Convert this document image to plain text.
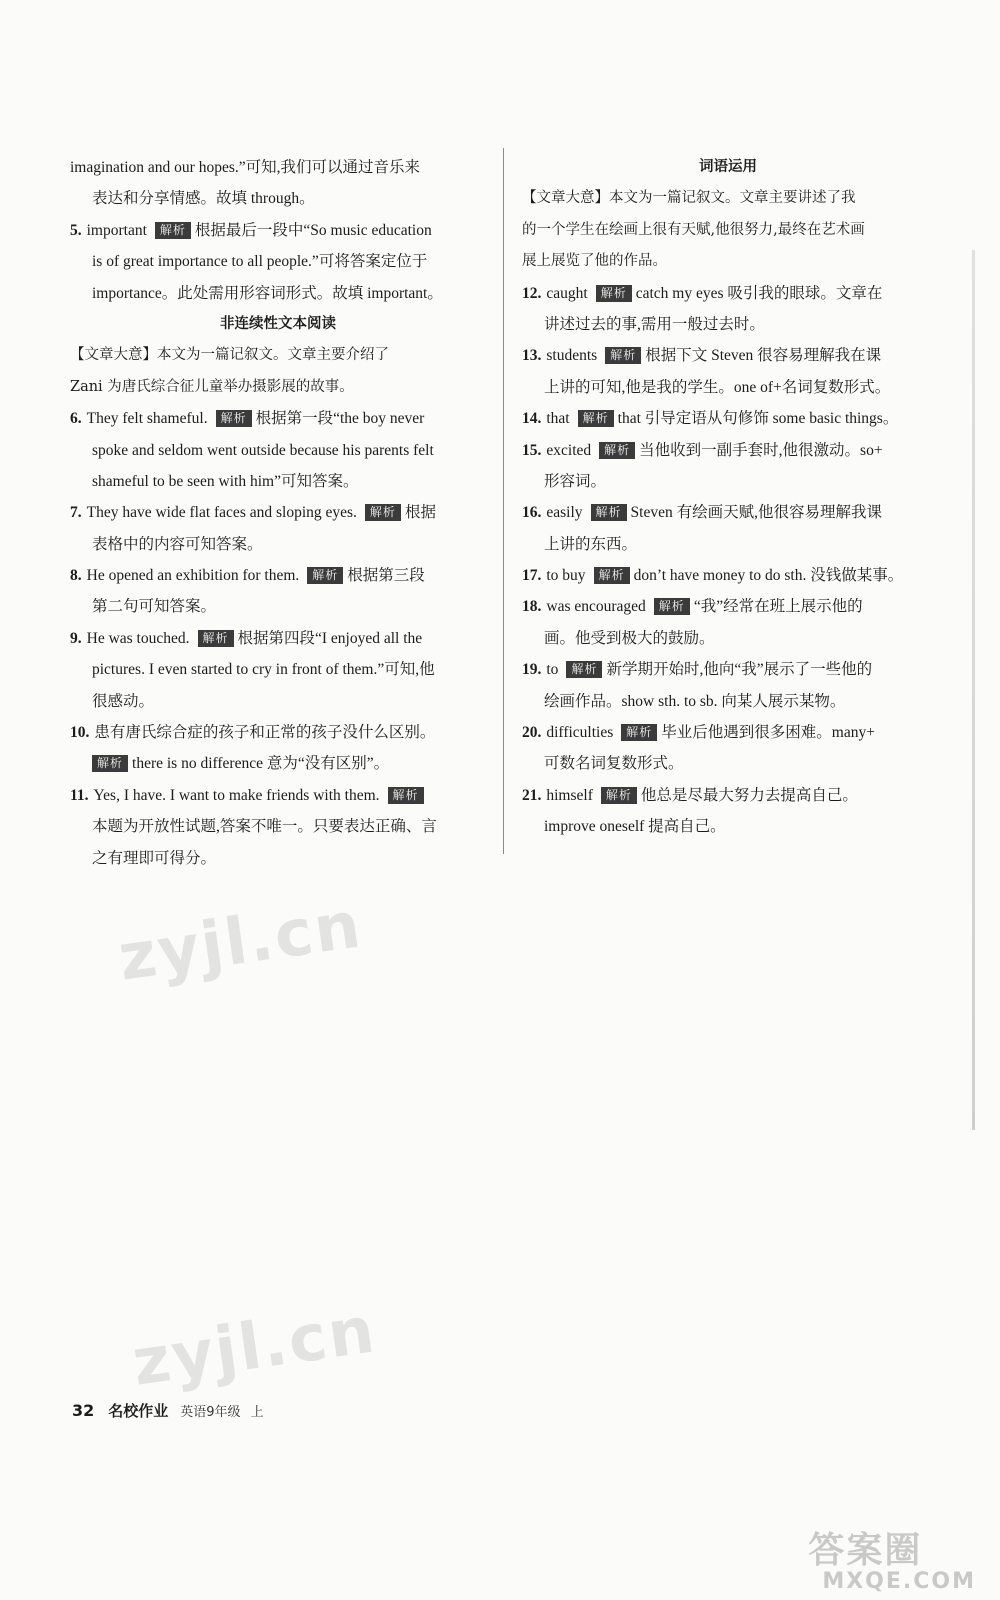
imagination and our hopes.”可知,我们可以通过音乐来
表达和分享情感。故填 through。
5. important 解析 根据最后一段中“So music education
is of great importance to all people.”可将答案定位于
importance。此处需用形容词形式。故填 important。
非连续性文本阅读
【文章大意】本文为一篇记叙文。文章主要介绍了
Zani 为唐氏综合征儿童举办摄影展的故事。
6. They felt shameful. 解析 根据第一段“the boy never
spoke and seldom went outside because his parents felt
shameful to be seen with him”可知答案。
7. They have wide flat faces and sloping eyes. 解析 根据
表格中的内容可知答案。
8. He opened an exhibition for them. 解析 根据第三段
第二句可知答案。
9. He was touched. 解析 根据第四段“I enjoyed all the
pictures. I even started to cry in front of them.”可知,他
很感动。
10. 患有唐氏综合症的孩子和正常的孩子没什么区别。
解析 there is no difference 意为“没有区别”。
11. Yes, I have. I want to make friends with them. 解析
本题为开放性试题,答案不唯一。只要表达正确、言
之有理即可得分。
词语运用
【文章大意】本文为一篇记叙文。文章主要讲述了我
的一个学生在绘画上很有天赋,他很努力,最终在艺术画
展上展览了他的作品。
12. caught 解析 catch my eyes 吸引我的眼球。文章在
讲述过去的事,需用一般过去时。
13. students 解析 根据下文 Steven 很容易理解我在课
上讲的可知,他是我的学生。one of+名词复数形式。
14. that 解析 that 引导定语从句修饰 some basic things。
15. excited 解析 当他收到一副手套时,他很激动。so+
形容词。
16. easily 解析 Steven 有绘画天赋,他很容易理解我课
上讲的东西。
17. to buy 解析 don’t have money to do sth. 没钱做某事。
18. was encouraged 解析 “我”经常在班上展示他的
画。他受到极大的鼓励。
19. to 解析 新学期开始时,他向“我”展示了一些他的
绘画作品。show sth. to sb. 向某人展示某物。
20. difficulties 解析 毕业后他遇到很多困难。many+
可数名词复数形式。
21. himself 解析 他总是尽最大努力去提高自己。
improve oneself 提高自己。
zyjl.cn
zyjl.cn
32 名校作业 英语9年级 上
答案圈
MXQE.COM
